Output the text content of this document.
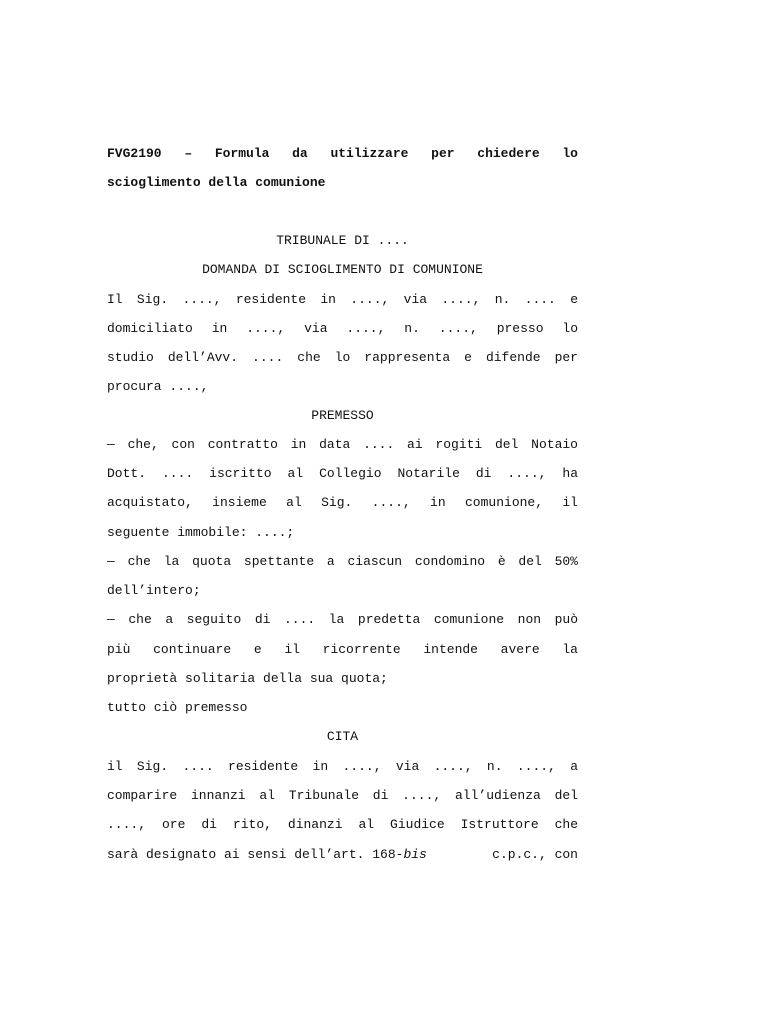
FVG2190 – Formula da utilizzare per chiedere lo
scioglimento della comunione
TRIBUNALE DI ....
DOMANDA DI SCIOGLIMENTO DI COMUNIONE
Il Sig. ...., residente in ...., via ...., n. .... e
domiciliato in ...., via ...., n. ...., presso lo
studio dell’Avv. .... che lo rappresenta e difende per
procura ....,
PREMESSO
— che, con contratto in data .... ai rogiti del Notaio
Dott. .... iscritto al Collegio Notarile di ...., ha
acquistato, insieme al Sig. ...., in comunione, il
seguente immobile: ....;
— che la quota spettante a ciascun condomino è del 50%
dell’intero;
— che a seguito di .... la predetta comunione non può
più continuare e il ricorrente intende avere la
proprietà solitaria della sua quota;
tutto ciò premesso
CITA
il Sig. .... residente in ...., via ...., n. ...., a
comparire innanzi al Tribunale di ...., all’udienza del
...., ore di rito, dinanzi al Giudice Istruttore che
sarà designato ai sensi dell’art. 168-bis	c.p.c., con
